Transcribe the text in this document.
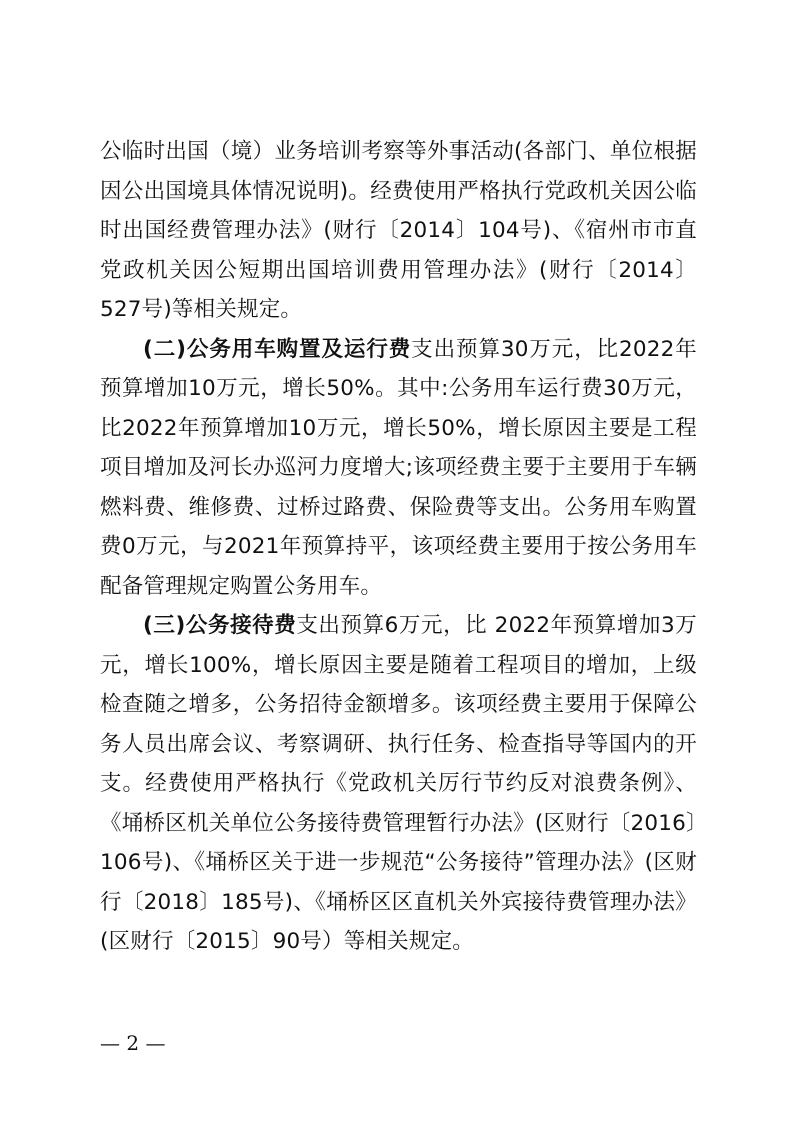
公临时出国（境）业务培训考察等外事活动(各部门、单位根据因公出国境具体情况说明)。经费使用严格执行党政机关因公临时出国经费管理办法》(财行〔2014〕104号)、《宿州市市直党政机关因公短期出国培训费用管理办法》(财行〔2014〕527号)等相关规定。

(二)公务用车购置及运行费支出预算30万元，比2022年预算增加10万元，增长50%。其中:公务用车运行费30万元，比2022年预算增加10万元，增长50%，增长原因主要是工程项目增加及河长办巡河力度增大;该项经费主要于主要用于车辆燃料费、维修费、过桥过路费、保险费等支出。公务用车购置费0万元，与2021年预算持平，该项经费主要用于按公务用车配备管理规定购置公务用车。

(三)公务接待费支出预算6万元，比 2022年预算增加3万元，增长100%，增长原因主要是随着工程项目的增加，上级检查随之增多，公务招待金额增多。该项经费主要用于保障公务人员出席会议、考察调研、执行任务、检查指导等国内的开支。经费使用严格执行《党政机关厉行节约反对浪费条例》、《埇桥区机关单位公务接待费管理暂行办法》(区财行〔2016〕106号)、《埇桥区关于进一步规范“公务接待”管理办法》(区财行〔2018〕185号)、《埇桥区区直机关外宾接待费管理办法》(区财行〔2015〕90号）等相关规定。

— 2 —
